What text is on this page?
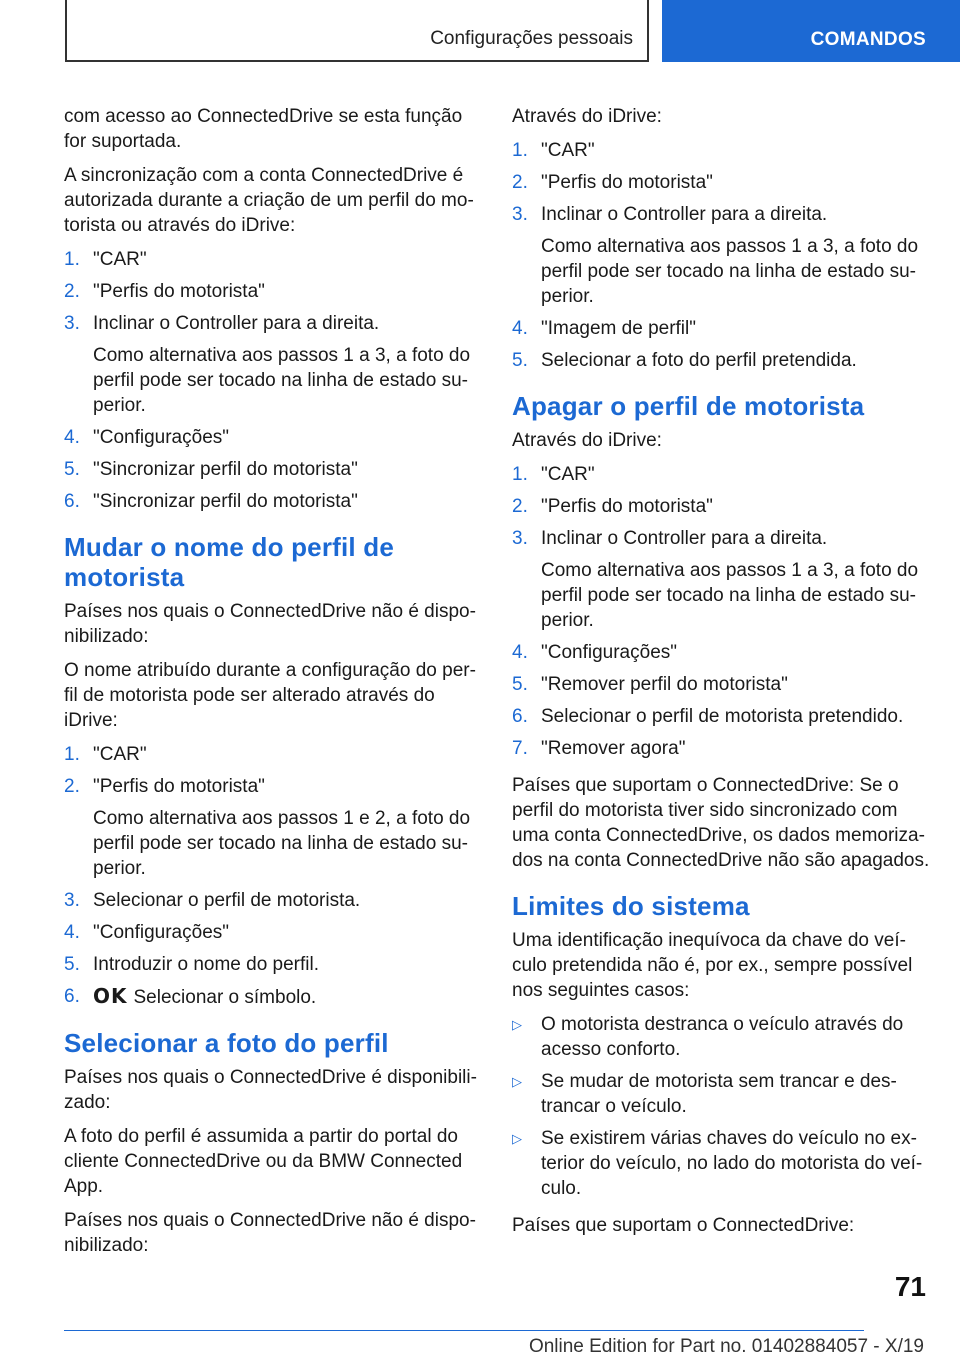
Configurações pessoais	COMANDOS

com acesso ao ConnectedDrive se esta função for suportada.

A sincronização com a conta ConnectedDrive é autorizada durante a criação de um perfil do mo-torista ou através do iDrive:

1. "CAR"
2. "Perfis do motorista"
3. Inclinar o Controller para a direita.
Como alternativa aos passos 1 a 3, a foto do perfil pode ser tocado na linha de estado su-perior.
4. "Configurações"
5. "Sincronizar perfil do motorista"
6. "Sincronizar perfil do motorista"
Mudar o nome do perfil de motorista

Países nos quais o ConnectedDrive não é dispo-nibilizado:

O nome atribuído durante a configuração do per-fil de motorista pode ser alterado através do iDrive:

1. "CAR"
2. "Perfis do motorista"
Como alternativa aos passos 1 e 2, a foto do perfil pode ser tocado na linha de estado su-perior.
3. Selecionar o perfil de motorista.
4. "Configurações"
5. Introduzir o nome do perfil.
6. OK Selecionar o símbolo.
Selecionar a foto do perfil

Países nos quais o ConnectedDrive é disponibili-zado:

A foto do perfil é assumida a partir do portal do cliente ConnectedDrive ou da BMW Connected App.

Países nos quais o ConnectedDrive não é dispo-nibilizado:

Através do iDrive:

1. "CAR"
2. "Perfis do motorista"
3. Inclinar o Controller para a direita.
Como alternativa aos passos 1 a 3, a foto do perfil pode ser tocado na linha de estado su-perior.
4. "Imagem de perfil"
5. Selecionar a foto do perfil pretendida.
Apagar o perfil de motorista

Através do iDrive:

1. "CAR"
2. "Perfis do motorista"
3. Inclinar o Controller para a direita.
Como alternativa aos passos 1 a 3, a foto do perfil pode ser tocado na linha de estado su-perior.
4. "Configurações"
5. "Remover perfil do motorista"
6. Selecionar o perfil de motorista pretendido.
7. "Remover agora"

Países que suportam o ConnectedDrive: Se o perfil do motorista tiver sido sincronizado com uma conta ConnectedDrive, os dados memoriza-dos na conta ConnectedDrive não são apagados.

Limites do sistema

Uma identificação inequívoca da chave do veí-culo pretendida não é, por ex., sempre possível nos seguintes casos:

▷ O motorista destranca o veículo através do acesso conforto.
▷ Se mudar de motorista sem trancar e des-trancar o veículo.
▷ Se existirem várias chaves do veículo no ex-terior do veículo, no lado do motorista do veí-culo.

Países que suportam o ConnectedDrive:

71
Online Edition for Part no. 01402884057 - X/19
